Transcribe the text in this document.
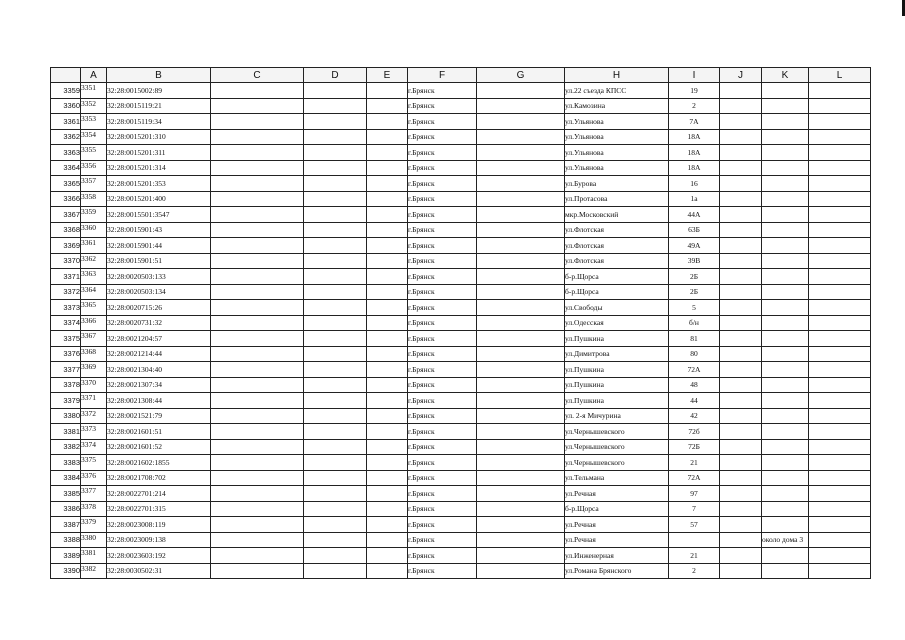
	A	B	C	D	E	F	G	H	I	J	K	L
3359	3351	32:28:0015002:89				г.Брянск		ул.22 съезда КПСС	19			
3360	3352	32:28:0015119:21				г.Брянск		ул.Камозина	2			
3361	3353	32:28:0015119:34				г.Брянск		ул.Ульянова	7А			
3362	3354	32:28:0015201:310				г.Брянск		ул.Ульянова	18А			
3363	3355	32:28:0015201:311				г.Брянск		ул.Ульянова	18А			
3364	3356	32:28:0015201:314				г.Брянск		ул.Ульянова	18А			
3365	3357	32:28:0015201:353				г.Брянск		ул.Бурова	16			
3366	3358	32:28:0015201:400				г.Брянск		ул.Протасова	1а			
3367	3359	32:28:0015501:3547				г.Брянск		мкр.Московский	44А			
3368	3360	32:28:0015901:43				г.Брянск		ул.Флотская	63Б			
3369	3361	32:28:0015901:44				г.Брянск		ул.Флотская	49А			
3370	3362	32:28:0015901:51				г.Брянск		ул.Флотская	39В			
3371	3363	32:28:0020503:133				г.Брянск		б-р.Щорса	2Б			
3372	3364	32:28:0020503:134				г.Брянск		б-р.Щорса	2Б			
3373	3365	32:28:0020715:26				г.Брянск		ул.Свободы	5			
3374	3366	32:28:0020731:32				г.Брянск		ул.Одесская	б/н			
3375	3367	32:28:0021204:57				г.Брянск		ул.Пушкина	81			
3376	3368	32:28:0021214:44				г.Брянск		ул.Димитрова	80			
3377	3369	32:28:0021304:40				г.Брянск		ул.Пушкина	72А			
3378	3370	32:28:0021307:34				г.Брянск		ул.Пушкина	48			
3379	3371	32:28:0021308:44				г.Брянск		ул.Пушкина	44			
3380	3372	32:28:0021521:79				г.Брянск		ул. 2-я Мичурина	42			
3381	3373	32:28:0021601:51				г.Брянск		ул.Чернышевского	72б			
3382	3374	32:28:0021601:52				г.Брянск		ул.Чернышевского	72Б			
3383	3375	32:28:0021602:1855				г.Брянск		ул.Чернышевского	21			
3384	3376	32:28:0021708:702				г.Брянск		ул.Тельмана	72А			
3385	3377	32:28:0022701:214				г.Брянск		ул.Речная	97			
3386	3378	32:28:0022701:315				г.Брянск		б-р.Щорса	7			
3387	3379	32:28:0023008:119				г.Брянск		ул.Речная	57			
3388	3380	32:28:0023009:138				г.Брянск		ул.Речная			около дома 3	
3389	3381	32:28:0023603:192				г.Брянск		ул.Инженерная	21			
3390	3382	32:28:0030502:31				г.Брянск		ул.Романа Брянского	2			
